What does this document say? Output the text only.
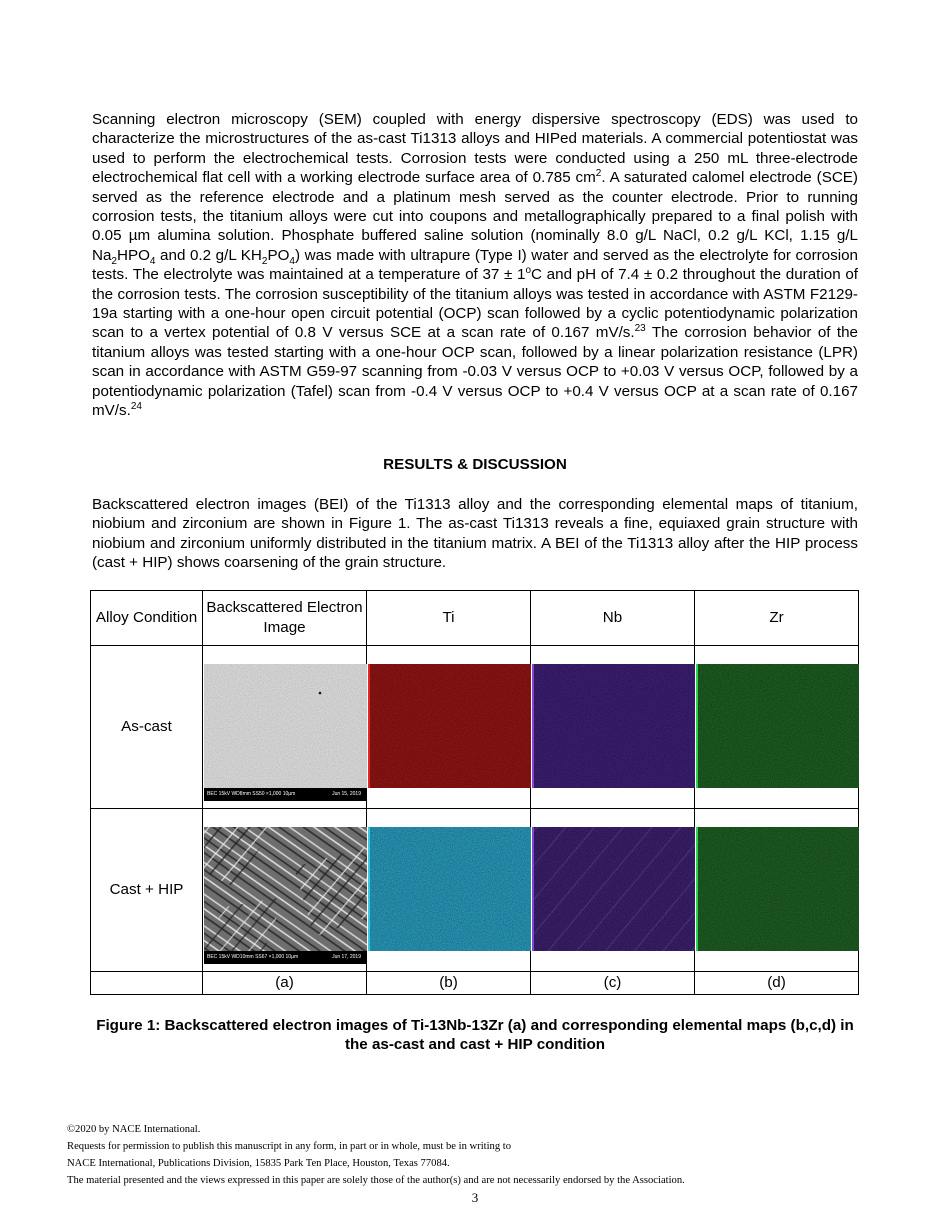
Scanning electron microscopy (SEM) coupled with energy dispersive spectroscopy (EDS) was used to characterize the microstructures of the as-cast Ti1313 alloys and HIPed materials. A commercial potentiostat was used to perform the electrochemical tests. Corrosion tests were conducted using a 250 mL three-electrode electrochemical flat cell with a working electrode surface area of 0.785 $cm^2$. A saturated calomel electrode (SCE) served as the reference electrode and a platinum mesh served as the counter electrode. Prior to running corrosion tests, the titanium alloys were cut into coupons and metallographically prepared to a final polish with 0.05 µm alumina solution. Phosphate buffered saline solution (nominally 8.0 g/L NaCl, 0.2 g/L KCl, 1.15 g/L $Na_2HPO_4$ and 0.2 g/L $KH_2PO_4$) was made with ultrapure (Type I) water and served as the electrolyte for corrosion tests. The electrolyte was maintained at a temperature of $37 \pm 1^oC$ and pH of 7.4 ± 0.2 throughout the duration of the corrosion tests. The corrosion susceptibility of the titanium alloys was tested in accordance with ASTM F2129-19a starting with a one-hour open circuit potential (OCP) scan followed by a cyclic potentiodynamic polarization scan to a vertex potential of 0.8 V versus SCE at a scan rate of 0.167 mV/s.$^{23}$ The corrosion behavior of the titanium alloys was tested starting with a one-hour OCP scan, followed by a linear polarization resistance (LPR) scan in accordance with ASTM G59-97 scanning from -0.03 V versus OCP to +0.03 V versus OCP, followed by a potentiodynamic polarization (Tafel) scan from -0.4 V versus OCP to +0.4 V versus OCP at a scan rate of 0.167 mV/s.$^{24}$
RESULTS & DISCUSSION
Backscattered electron images (BEI) of the Ti1313 alloy and the corresponding elemental maps of titanium, niobium and zirconium are shown in Figure 1. The as-cast Ti1313 reveals a fine, equiaxed grain structure with niobium and zirconium uniformly distributed in the titanium matrix. A BEI of the Ti1313 alloy after the HIP process (cast + HIP) shows coarsening of the grain structure.
Alloy Condition	Backscattered Electron Image	Ti	Nb	Zr
As-cast	BEC 15kV WD8mm SS50 ×1,000 10µm Jun 15, 2019

Cast + HIP	BEC 15kV WD10mm SS67 ×1,000 10µm Jun 17, 2019

	(a)	(b)	(c)	(d)
Figure 1: Backscattered electron images of Ti-13Nb-13Zr (a) and corresponding elemental maps (b,c,d) in the as-cast and cast + HIP condition
©2020 by NACE International.
Requests for permission to publish this manuscript in any form, in part or in whole, must be in writing to
NACE International, Publications Division, 15835 Park Ten Place, Houston, Texas 77084.
The material presented and the views expressed in this paper are solely those of the author(s) and are not necessarily endorsed by the Association.
3
